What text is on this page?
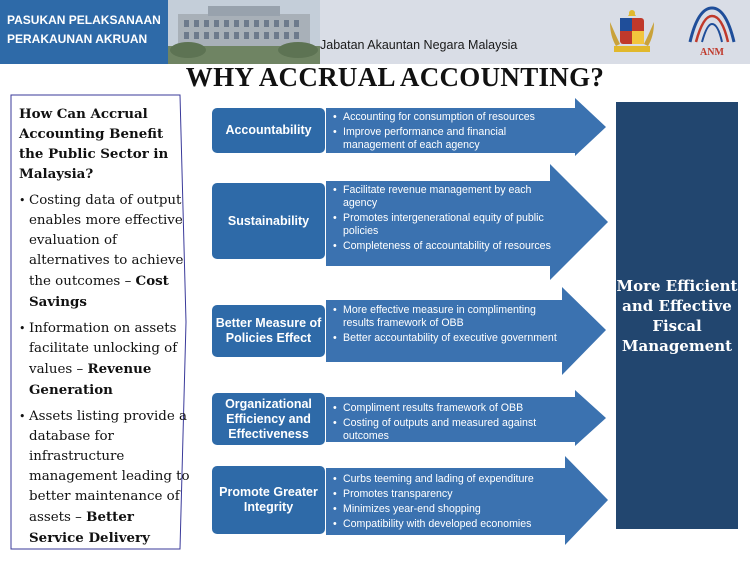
PASUKAN PELAKSANAAN
PERAKAUNAN AKRUAN	Jabatan Akauntan Negara Malaysia
ANM
WHY ACCRUAL ACCOUNTING?
How Can Accrual Accounting Benefit the Public Sector in Malaysia?
• Costing data of output enables more effective evaluation of alternatives to achieve the outcomes – Cost Savings
• Information on assets facilitate unlocking of values – Revenue Generation
• Assets listing provide a database for infrastructure management leading to better maintenance of assets – Better Service Delivery
Accountability
Sustainability
Better Measure of Policies Effect
Organizational Efficiency and Effectiveness
Promote Greater Integrity
• Accounting for consumption of resources
• Improve performance and financial management of each agency
• Facilitate revenue management by each agency
• Promotes intergenerational equity of public policies
• Completeness of accountability of resources
• More effective measure in complimenting results framework of OBB
• Better accountability of executive government
• Compliment results framework of OBB
• Costing of outputs and measured against outcomes
• Curbs teeming and lading of expenditure
• Promotes transparency
• Minimizes year-end shopping
• Compatibility with developed economies
More Efficient and Effective Fiscal Management
